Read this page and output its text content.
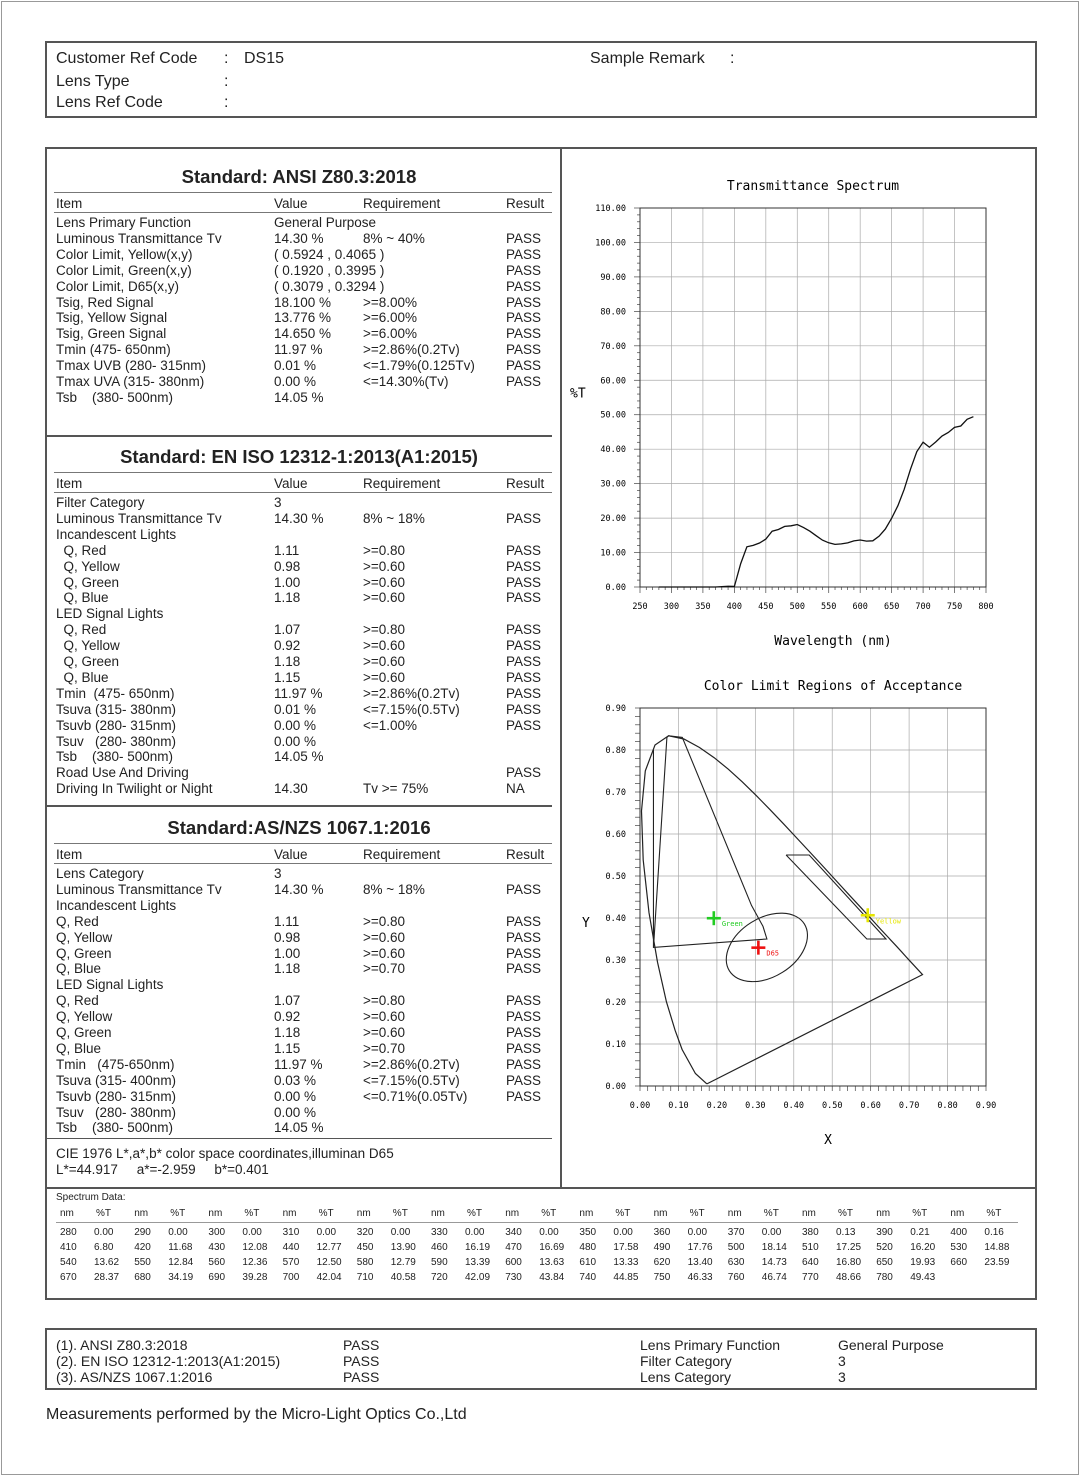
Customer Ref Code : DS15
Lens Type	:
Lens Ref Code	:
Sample Remark :
Standard: ANSI Z80.3:2018
Item	Value	Requirement	Result
Lens Primary Function	General Purpose
Luminous Transmittance Tv	14.30 %	8% ~ 40%	PASS
Color Limit, Yellow(x,y)	( 0.5924 , 0.4065 )	PASS
Color Limit, Green(x,y)	( 0.1920 , 0.3995 )	PASS
Color Limit, D65(x,y)	( 0.3079 , 0.3294 )	PASS
Tsig, Red Signal	18.100 % >=8.00%	PASS
Tsig, Yellow Signal	13.776 % >=6.00%	PASS
Tsig, Green Signal	14.650 % >=6.00%	PASS
Tmin (475- 650nm)	11.97 %	>=2.86%(0.2Tv)	PASS
Tmax UVB (280- 315nm)	0.01 %	<=1.79%(0.125Tv) PASS
Tmax UVA (315- 380nm)	0.00 %	<=14.30%(Tv)	PASS
Tsb    (380- 500nm)	14.05 %
Standard: EN ISO 12312-1:2013(A1:2015)
Item	Value	Requirement	Result
Filter Category	3
Luminous Transmittance Tv	14.30 %	8% ~ 18%	PASS
Incandescent Lights
Q, Red	1.11	>=0.80	PASS
Q, Yellow	0.98	>=0.60	PASS
Q, Green	1.00	>=0.60	PASS
Q, Blue	1.18	>=0.60	PASS
LED Signal Lights
Q, Red	1.07	>=0.80	PASS
Q, Yellow	0.92	>=0.60	PASS
Q, Green	1.18	>=0.60	PASS
Q, Blue	1.15	>=0.60	PASS
Tmin  (475- 650nm)	11.97 %	>=2.86%(0.2Tv)	PASS
Tsuva (315- 380nm)	0.01 %	<=7.15%(0.5Tv)	PASS
Tsuvb (280- 315nm)	0.00 %	<=1.00%	PASS
Tsuv   (280- 380nm)	0.00 %
Tsb    (380- 500nm)	14.05 %
Road Use And Driving	PASS
Driving In Twilight or Night	14.30	Tv >= 75%	NA
Standard:AS/NZS 1067.1:2016
Item	Value	Requirement	Result
Lens Category	3
Luminous Transmittance Tv	14.30 %	8% ~ 18%	PASS
Incandescent Lights
Q, Red	1.11	>=0.80	PASS
Q, Yellow	0.98	>=0.60	PASS
Q, Green	1.00	>=0.60	PASS
Q, Blue	1.18	>=0.70	PASS
LED Signal Lights
Q, Red	1.07	>=0.80	PASS
Q, Yellow	0.92	>=0.60	PASS
Q, Green	1.18	>=0.60	PASS
Q, Blue	1.15	>=0.70	PASS
Tmin   (475-650nm)	11.97 %	>=2.86%(0.2Tv)	PASS
Tsuva (315- 400nm)	0.03 %	<=7.15%(0.5Tv)	PASS
Tsuvb (280- 315nm)	0.00 %	<=0.71%(0.05Tv)	PASS
Tsuv   (280- 380nm)	0.00 %
Tsb    (380- 500nm)	14.05 %
CIE 1976 L*,a*,b* color space coordinates,illuminan D65
L*=44.917     a*=-2.959     b*=0.401
Transmittance Spectrum
250 300 350 400 450 500 550 600 650 700 750 800
0.00
10.00
20.00
30.00
40.00
50.00
60.00
70.00
80.00
90.00
100.00
110.00
Wavelength (nm)
%T
Color Limit Regions of Acceptance
0.00 0.10 0.20 0.30 0.40 0.50 0.60 0.70 0.80 0.90
0.00
0.10
0.20
0.30
0.40
0.50
0.60
0.70
0.80
0.90
Green
D65
Yellow
X
Y
Spectrum Data:
nm %T nm %T nm %T nm %T nm %T nm %T nm %T nm %T nm %T nm %T nm %T nm %T nm %T
280 0.00 290 0.00 300 0.00 310 0.00 320 0.00 330 0.00 340 0.00 350 0.00 360 0.00 370 0.00 380 0.13 390 0.21 400 0.16
410 6.80 420 11.68 430 12.08 440 12.77 450 13.90 460 16.19 470 16.69 480 17.58 490 17.76 500 18.14 510 17.25 520 16.20 530 14.88
540 13.62 550 12.84 560 12.36 570 12.50 580 12.79 590 13.39 600 13.63 610 13.33 620 13.40 630 14.73 640 16.80 650 19.93 660 23.59
670 28.37 680 34.19 690 39.28 700 42.04 710 40.58 720 42.09 730 43.84 740 44.85 750 46.33 760 46.74 770 48.66 780 49.43
(1). ANSI Z80.3:2018	PASS	Lens Primary Function	General Purpose
(2). EN ISO 12312-1:2013(A1:2015)	PASS	Filter Category	3
(3). AS/NZS 1067.1:2016	PASS	Lens Category	3
Measurements performed by the Micro-Light Optics Co.,Ltd
